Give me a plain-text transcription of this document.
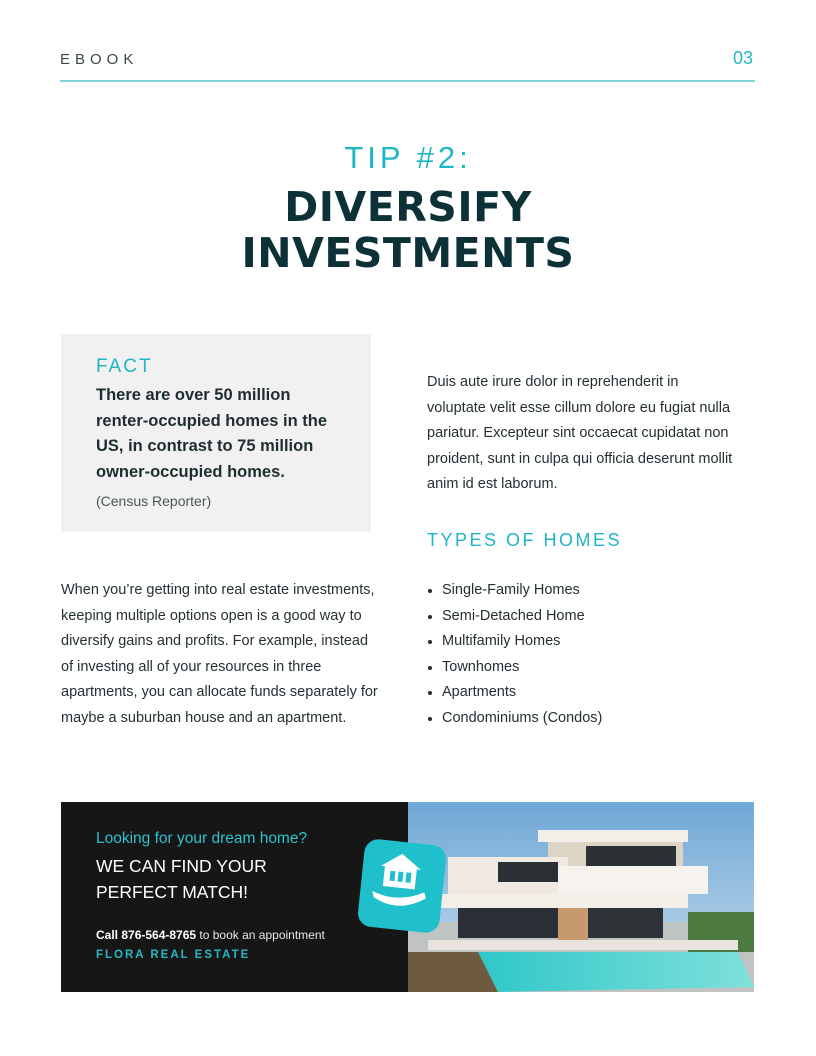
EBOOK	03
TIP #2:
DIVERSIFY
INVESTMENTS
FACT
There are over 50 million renter-occupied homes in the US, in contrast to 75 million owner-occupied homes.
(Census Reporter)
When you’re getting into real estate investments, keeping multiple options open is a good way to diversify gains and profits. For example, instead of investing all of your resources in three apartments, you can allocate funds separately for maybe a suburban house and an apartment.
Duis aute irure dolor in reprehenderit in voluptate velit esse cillum dolore eu fugiat nulla pariatur. Excepteur sint occaecat cupidatat non proident, sunt in culpa qui officia deserunt mollit anim id est laborum.
TYPES OF HOMES
Single-Family Homes
Semi-Detached Home
Multifamily Homes
Townhomes
Apartments
Condominiums (Condos)
Looking for your dream home?
WE CAN FIND YOUR
PERFECT MATCH!
Call 876-564-8765 to book an appointment
FLORA REAL ESTATE
